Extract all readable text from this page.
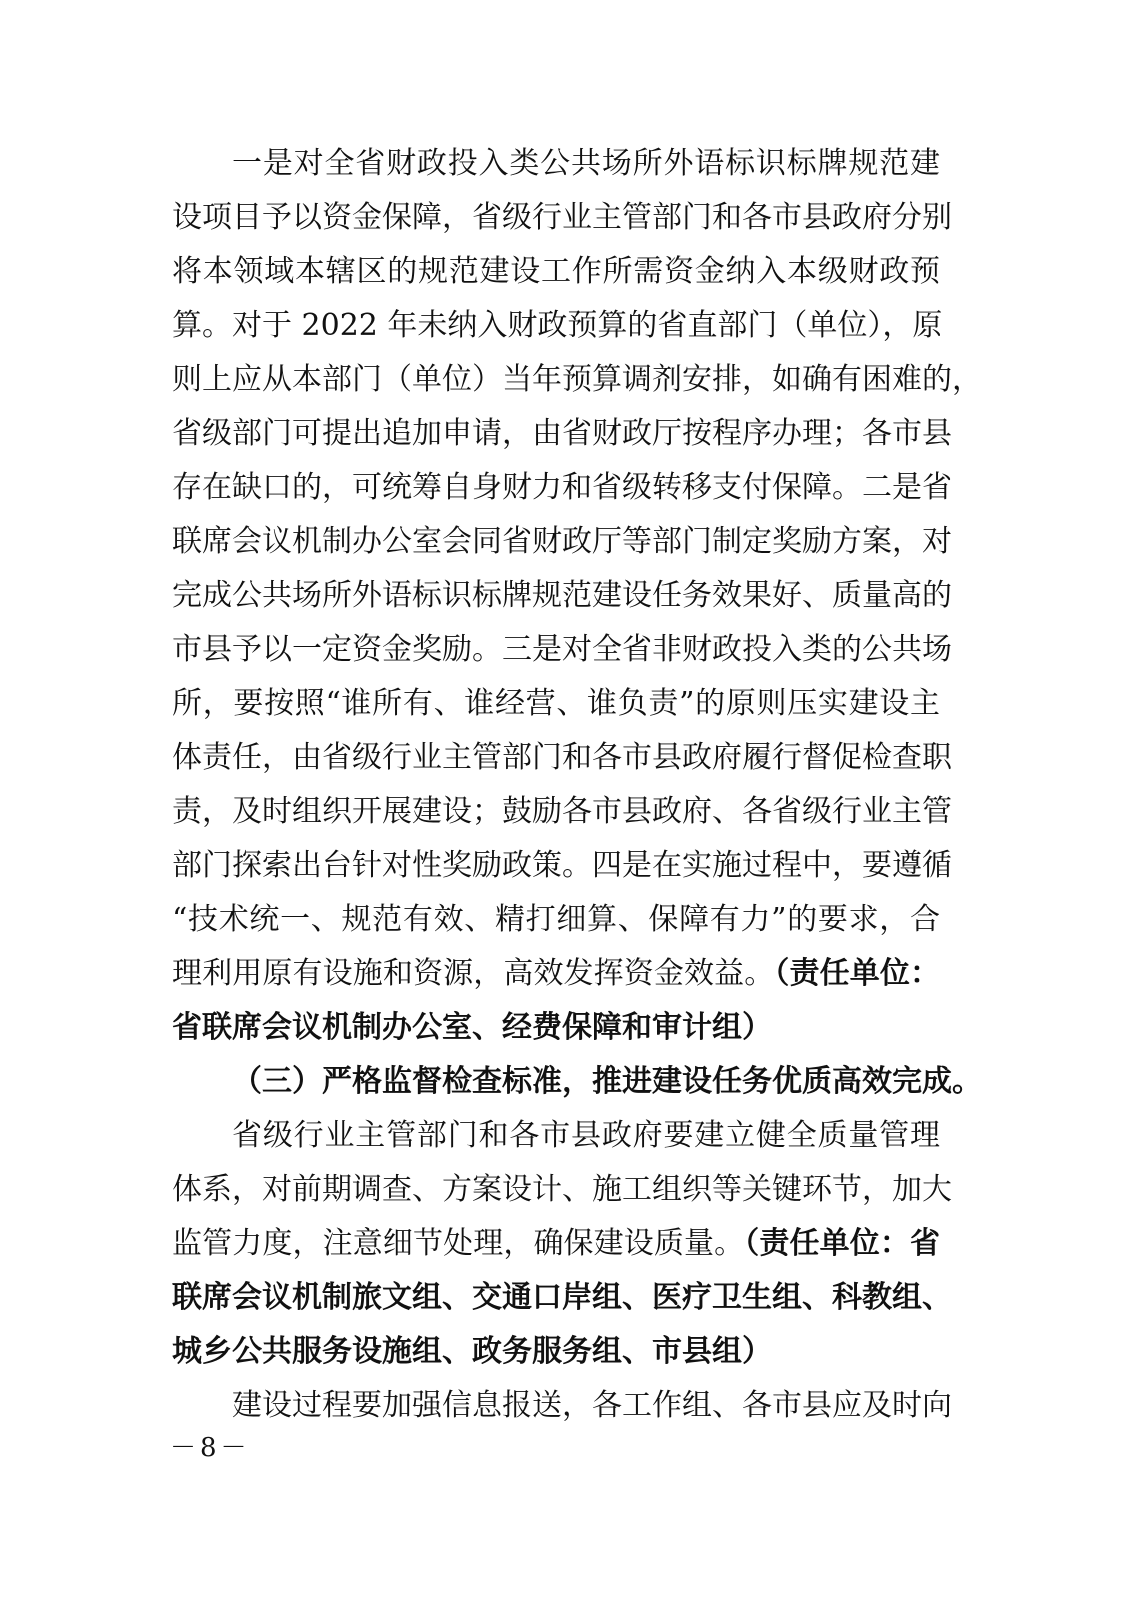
一是对全省财政投入类公共场所外语标识标牌规范建
设项目予以资金保障，省级行业主管部门和各市县政府分别
将本领域本辖区的规范建设工作所需资金纳入本级财政预
算。对于 2022 年未纳入财政预算的省直部门（单位），原
则上应从本部门（单位）当年预算调剂安排，如确有困难的，
省级部门可提出追加申请，由省财政厅按程序办理；各市县
存在缺口的，可统筹自身财力和省级转移支付保障。二是省
联席会议机制办公室会同省财政厅等部门制定奖励方案，对
完成公共场所外语标识标牌规范建设任务效果好、质量高的
市县予以一定资金奖励。三是对全省非财政投入类的公共场
所，要按照“谁所有、谁经营、谁负责”的原则压实建设主
体责任，由省级行业主管部门和各市县政府履行督促检查职
责，及时组织开展建设；鼓励各市县政府、各省级行业主管
部门探索出台针对性奖励政策。四是在实施过程中，要遵循
“技术统一、规范有效、精打细算、保障有力”的要求，合
理利用原有设施和资源，高效发挥资金效益。（责任单位：
省联席会议机制办公室、经费保障和审计组）
（三）严格监督检查标准，推进建设任务优质高效完成。
省级行业主管部门和各市县政府要建立健全质量管理
体系，对前期调查、方案设计、施工组织等关键环节，加大
监管力度，注意细节处理，确保建设质量。（责任单位：省
联席会议机制旅文组、交通口岸组、医疗卫生组、科教组、
城乡公共服务设施组、政务服务组、市县组）
建设过程要加强信息报送，各工作组、各市县应及时向
－8－
